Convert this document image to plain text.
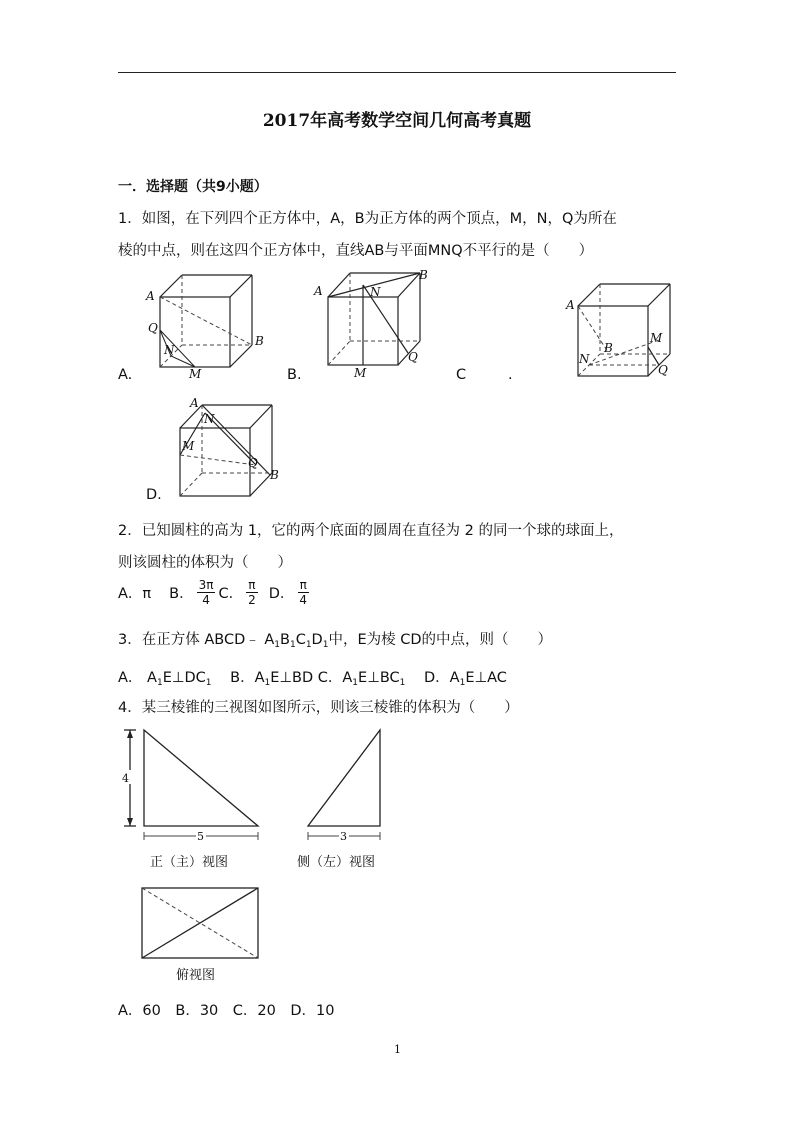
2017年高考数学空间几何高考真题
一．选择题（共9小题）
1．如图，在下列四个正方体中，A，B为正方体的两个顶点，M，N，Q为所在
棱的中点，则在这四个正方体中，直线AB与平面MNQ不平行的是（　　）
A
B
Q
N
M
A.
A
B
N
Q
M
B.
A
B
M
N
Q
C	.
A
B
N
M
Q
D.
2．已知圆柱的高为 1，它的两个底面的圆周在直径为 2 的同一个球的球面上，
则该圆柱的体积为（　　）
A．π B． $\frac{3\pi}{4}$ C． $\frac{\pi}{2}$ D． $\frac{\pi}{4}$
3．在正方体 ABCD﹣ $A_1B_1C_1D_1$中，E为棱 CD的中点，则（　　）
A． $A_1E\perp DC_1$ B．$A_1E\perp BD$ C．$A_1E\perp BC_1$ D．$A_1E\perp AC$
4．某三棱锥的三视图如图所示，则该三棱锥的体积为（　　）
4
5
正（主）视图
3
侧（左）视图
俯视图
A．60　B．30　C．20　D．10
1
